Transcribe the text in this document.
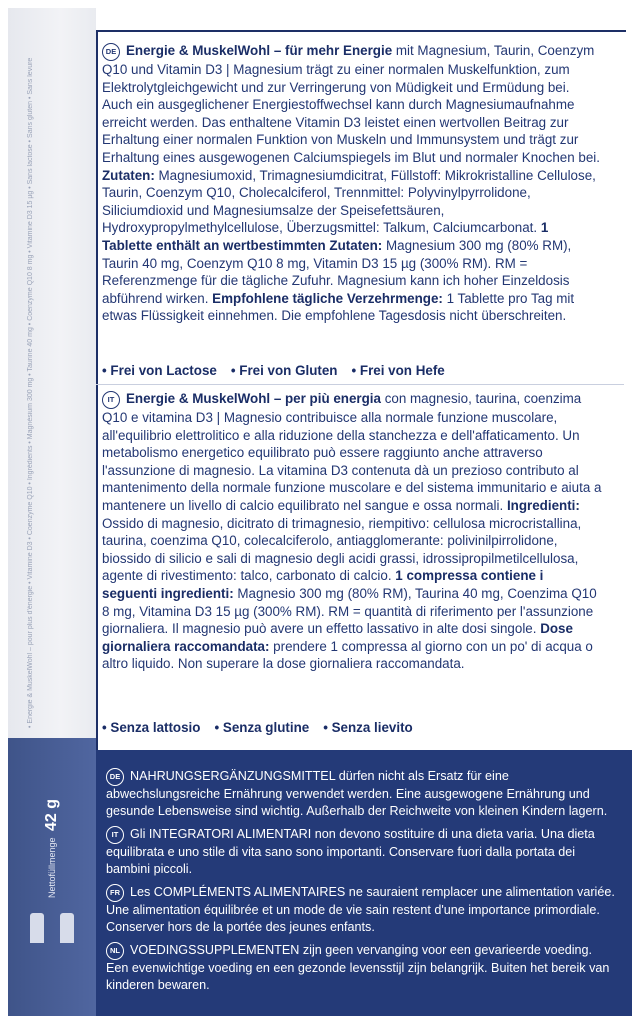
• Energie & MuskelWohl – pour plus d'énergie • Vitamine D3 • Coenzyme Q10 • Ingrédients • Magnésium 300 mg • Taurine 40 mg • Coenzyme Q10 8 mg • Vitamine D3 15 µg • Sans lactose • Sans gluten • Sans levure
Nettofüllmenge
42 g
DE Energie & MuskelWohl – für mehr Energie mit Magnesium, Taurin, Coenzym Q10 und Vitamin D3 | Magnesium trägt zu einer normalen Muskelfunktion, zum Elektrolytgleichgewicht und zur Verringerung von Müdigkeit und Ermüdung bei. Auch ein ausgeglichener Energiestoffwechsel kann durch Magnesiumaufnahme erreicht werden. Das enthaltene Vitamin D3 leistet einen wertvollen Beitrag zur Erhaltung einer normalen Funktion von Muskeln und Immunsystem und trägt zur Erhaltung eines ausgewogenen Calciumspiegels im Blut und normaler Knochen bei. Zutaten: Magnesiumoxid, Trimagnesiumdicitrat, Füllstoff: Mikrokristalline Cellulose, Taurin, Coenzym Q10, Cholecalciferol, Trennmittel: Polyvinylpyrrolidone, Siliciumdioxid und Magnesiumsalze der Speisefettsäuren, Hydroxypropylmethylcellulose, Überzugsmittel: Talkum, Calciumcarbonat. 1 Tablette enthält an wertbestimmten Zutaten: Magnesium 300 mg (80% RM), Taurin 40 mg, Coenzym Q10 8 mg, Vitamin D3 15 µg (300% RM). RM = Referenzmenge für die tägliche Zufuhr. Magnesium kann ich hoher Einzeldosis abführend wirken. Empfohlene tägliche Verzehrmenge: 1 Tablette pro Tag mit etwas Flüssigkeit einnehmen. Die empfohlene Tagesdosis nicht überschreiten.
• Frei von Lactose	• Frei von Gluten	• Frei von Hefe
IT Energie & MuskelWohl – per più energia con magnesio, taurina, coenzima Q10 e vitamina D3 | Magnesio contribuisce alla normale funzione muscolare, all'equilibrio elettrolitico e alla riduzione della stanchezza e dell'affaticamento. Un metabolismo energetico equilibrato può essere raggiunto anche attraverso l'assunzione di magnesio. La vitamina D3 contenuta dà un prezioso contributo al mantenimento della normale funzione muscolare e del sistema immunitario e aiuta a mantenere un livello di calcio equilibrato nel sangue e ossa normali. Ingredienti: Ossido di magnesio, dicitrato di trimagnesio, riempitivo: cellulosa microcristallina, taurina, coenzima Q10, colecalciferolo, antiagglomerante: polivinilpirrolidone, biossido di silicio e sali di magnesio degli acidi grassi, idrossipropilmetilcellulosa, agente di rivestimento: talco, carbonato di calcio. 1 compressa contiene i seguenti ingredienti: Magnesio 300 mg (80% RM), Taurina 40 mg, Coenzima Q10 8 mg, Vitamina D3 15 µg (300% RM). RM = quantità di riferimento per l'assunzione giornaliera. Il magnesio può avere un effetto lassativo in alte dosi singole. Dose giornaliera raccomandata: prendere 1 compressa al giorno con un po' di acqua o altro liquido. Non superare la dose giornaliera raccomandata.
• Senza lattosio	• Senza glutine	• Senza lievito
DE NAHRUNGSERGÄNZUNGSMITTEL dürfen nicht als Ersatz für eine abwechslungsreiche Ernährung verwendet werden. Eine ausgewogene Ernährung und gesunde Lebensweise sind wichtig. Außerhalb der Reichweite von kleinen Kindern lagern.
IT Gli INTEGRATORI ALIMENTARI non devono sostituire di una dieta varia. Una dieta equilibrata e uno stile di vita sano sono importanti. Conservare fuori dalla portata dei bambini piccoli.
FR Les COMPLÉMENTS ALIMENTAIRES ne sauraient remplacer une alimentation variée. Une alimentation équilibrée et un mode de vie sain restent d'une importance primordiale. Conserver hors de la portée des jeunes enfants.
NL VOEDINGSSUPPLEMENTEN zijn geen vervanging voor een gevarieerde voeding. Een evenwichtige voeding en een gezonde levensstijl zijn belangrijk. Buiten het bereik van kinderen bewaren.
